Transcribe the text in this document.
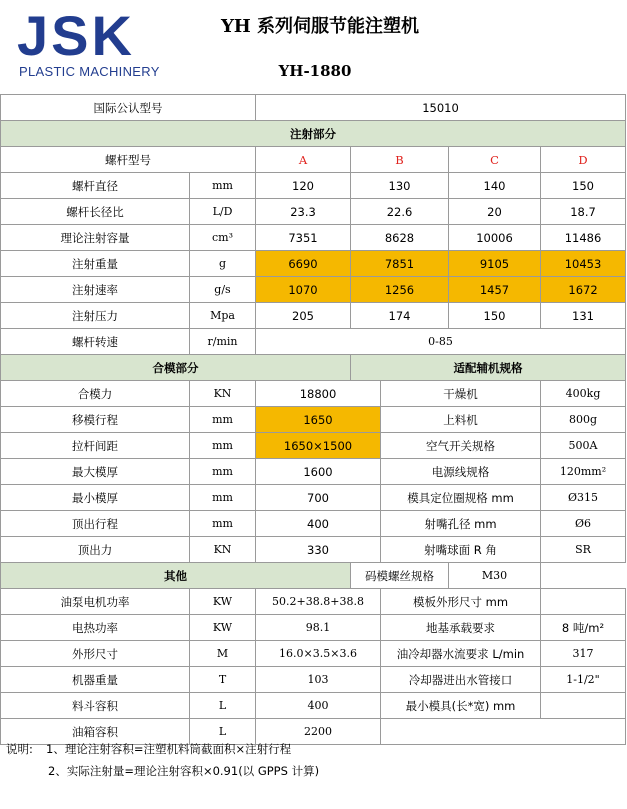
JSK
PLASTIC MACHINERY
YH 系列伺服节能注塑机
YH-1880
国际公认型号		15010				
注射部分						
螺杆型号		A	B		C	D
螺杆直径	mm	120	130		140	150
螺杆长径比	L/D	23.3	22.6		20	18.7
理论注射容量	cm³	7351	8628		10006	11486
注射重量	g	6690	7851		9105	10453
注射速率	g/s	1070	1256		1457	1672
注射压力	Mpa	205	174		150	131
螺杆转速	r/min	0-85				
合模部分			适配辅机规格			
合模力	KN	18800		干燥机		400kg
移模行程	mm	1650		上料机		800g
拉杆间距	mm	1650×1500		空气开关规格		500A
最大模厚	mm	1600		电源线规格		120mm²
最小模厚	mm	700		模具定位圈规格 mm		Ø315
顶出行程	mm	400		射嘴孔径 mm		Ø6
顶出力	KN	330		射嘴球面 R 角		SR
其他			码模螺丝规格		M30	
油泵电机功率	KW	50.2+38.8+38.8		模板外形尺寸 mm		
电热功率	KW	98.1		地基承载要求		8 吨/m²
外形尺寸	M	16.0×3.5×3.6		油冷却器水流要求 L/min		317
机器重量	T	103		冷却器进出水管接口		1-1/2"
料斗容积	L	400		最小模具(长*宽) mm		
油箱容积	L	2200				
说明: 1、理论注射容积=注塑机料筒截面积×注射行程
2、实际注射量=理论注射容积×0.91(以 GPPS 计算)
